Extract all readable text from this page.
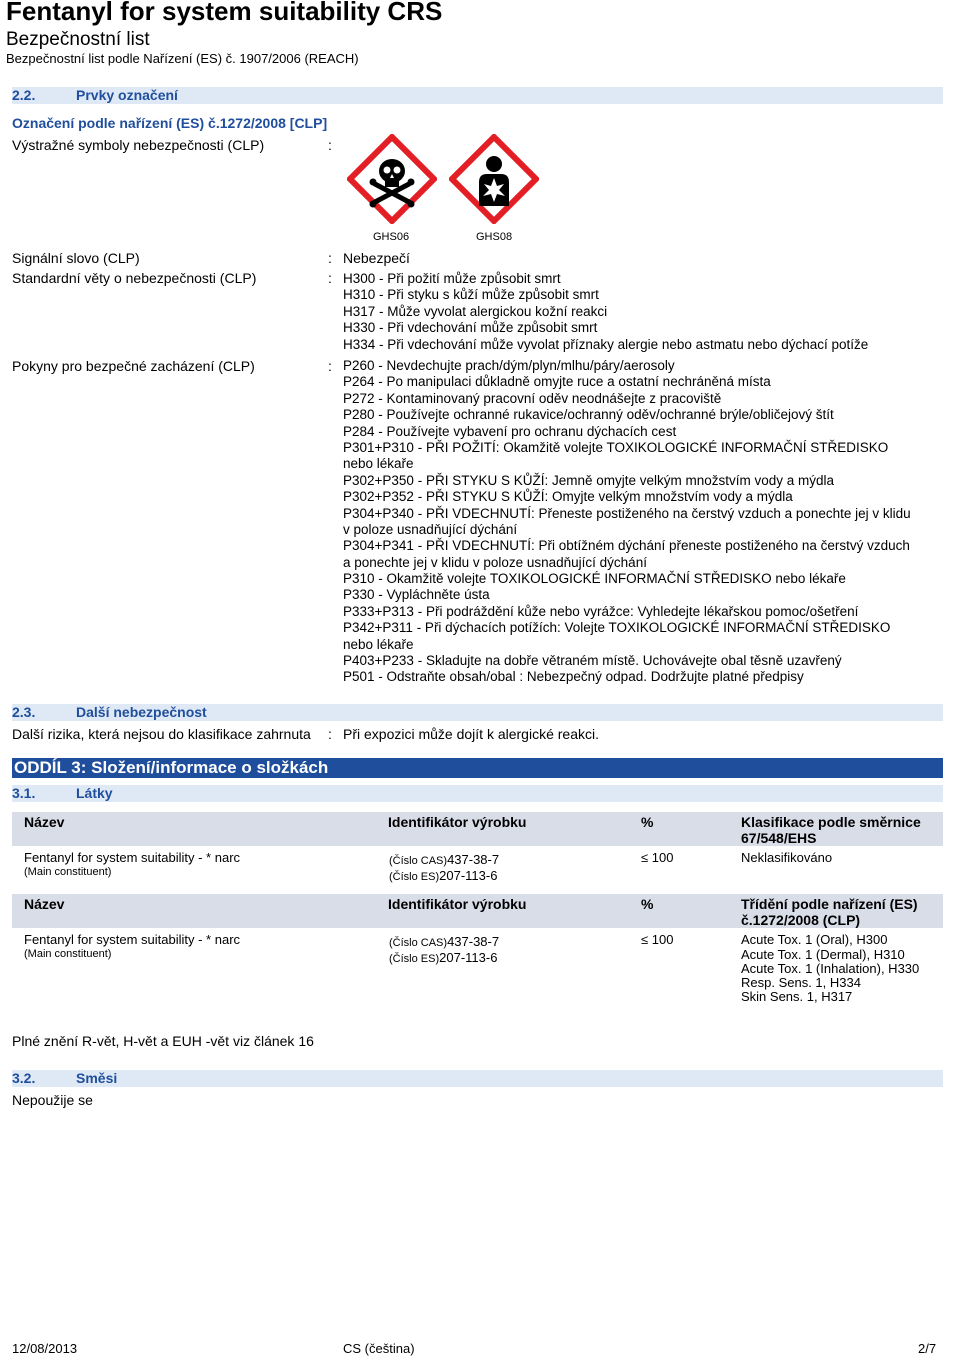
Fentanyl for system suitability CRS
Bezpečnostní list
Bezpečnostní list podle Nařízení (ES) č. 1907/2006 (REACH)
2.2.	Prvky označení
Označení podle nařízení (ES) č.1272/2008 [CLP]
Výstražné symboly nebezpečnosti (CLP)	:
GHS06	GHS08
Signální slovo (CLP)	: Nebezpečí
Standardní věty o nebezpečnosti (CLP)	: H300 - Při požití může způsobit smrt
H310 - Při styku s kůží může způsobit smrt
H317 - Může vyvolat alergickou kožní reakci
H330 - Při vdechování může způsobit smrt
H334 - Při vdechování může vyvolat příznaky alergie nebo astmatu nebo dýchací potíže
Pokyny pro bezpečné zacházení (CLP)	: P260 - Nevdechujte prach/dým/plyn/mlhu/páry/aerosoly
P264 - Po manipulaci důkladně omyjte ruce a ostatní nechráněná místa
P272 - Kontaminovaný pracovní oděv neodnášejte z pracoviště
P280 - Používejte ochranné rukavice/ochranný oděv/ochranné brýle/obličejový štít
P284 - Používejte vybavení pro ochranu dýchacích cest
P301+P310 - PŘI POŽITÍ: Okamžitě volejte TOXIKOLOGICKÉ INFORMAČNÍ STŘEDISKO
nebo lékaře
P302+P350 - PŘI STYKU S KŮŽÍ: Jemně omyjte velkým množstvím vody a mýdla
P302+P352 - PŘI STYKU S KŮŽÍ: Omyjte velkým množstvím vody a mýdla
P304+P340 - PŘI VDECHNUTÍ: Přeneste postiženého na čerstvý vzduch a ponechte jej v klidu
v poloze usnadňující dýchání
P304+P341 - PŘI VDECHNUTÍ: Při obtížném dýchání přeneste postiženého na čerstvý vzduch
a ponechte jej v klidu v poloze usnadňující dýchání
P310 - Okamžitě volejte TOXIKOLOGICKÉ INFORMAČNÍ STŘEDISKO nebo lékaře
P330 - Vypláchněte ústa
P333+P313 - Při podráždění kůže nebo vyrážce: Vyhledejte lékařskou pomoc/ošetření
P342+P311 - Při dýchacích potížích: Volejte TOXIKOLOGICKÉ INFORMAČNÍ STŘEDISKO
nebo lékaře
P403+P233 - Skladujte na dobře větraném místě. Uchovávejte obal těsně uzavřený
P501 - Odstraňte obsah/obal : Nebezpečný odpad. Dodržujte platné předpisy
2.3.	Další nebezpečnost
Další rizika, která nejsou do klasifikace zahrnuta : Při expozici může dojít k alergické reakci.
ODDÍL 3: Složení/informace o složkách
3.1.	Látky
Název	Identifikátor výrobku	%	Klasifikace podle směrnice
67/548/EHS
Fentanyl for system suitability - * narc
(Main constituent)
(Číslo CAS)437-38-7
(Číslo ES)207-113-6
≤ 100	Neklasifikováno
Název	Identifikátor výrobku	%	Třídění podle nařízení (ES)
č.1272/2008 (CLP)
Fentanyl for system suitability - * narc
(Main constituent)
(Číslo CAS)437-38-7
(Číslo ES)207-113-6
≤ 100	Acute Tox. 1 (Oral), H300
Acute Tox. 1 (Dermal), H310
Acute Tox. 1 (Inhalation), H330
Resp. Sens. 1, H334
Skin Sens. 1, H317
Plné znění R-vět, H-vět a EUH -vět viz článek 16
3.2.	Směsi
Nepoužije se
12/08/2013	CS (čeština)	2/7
